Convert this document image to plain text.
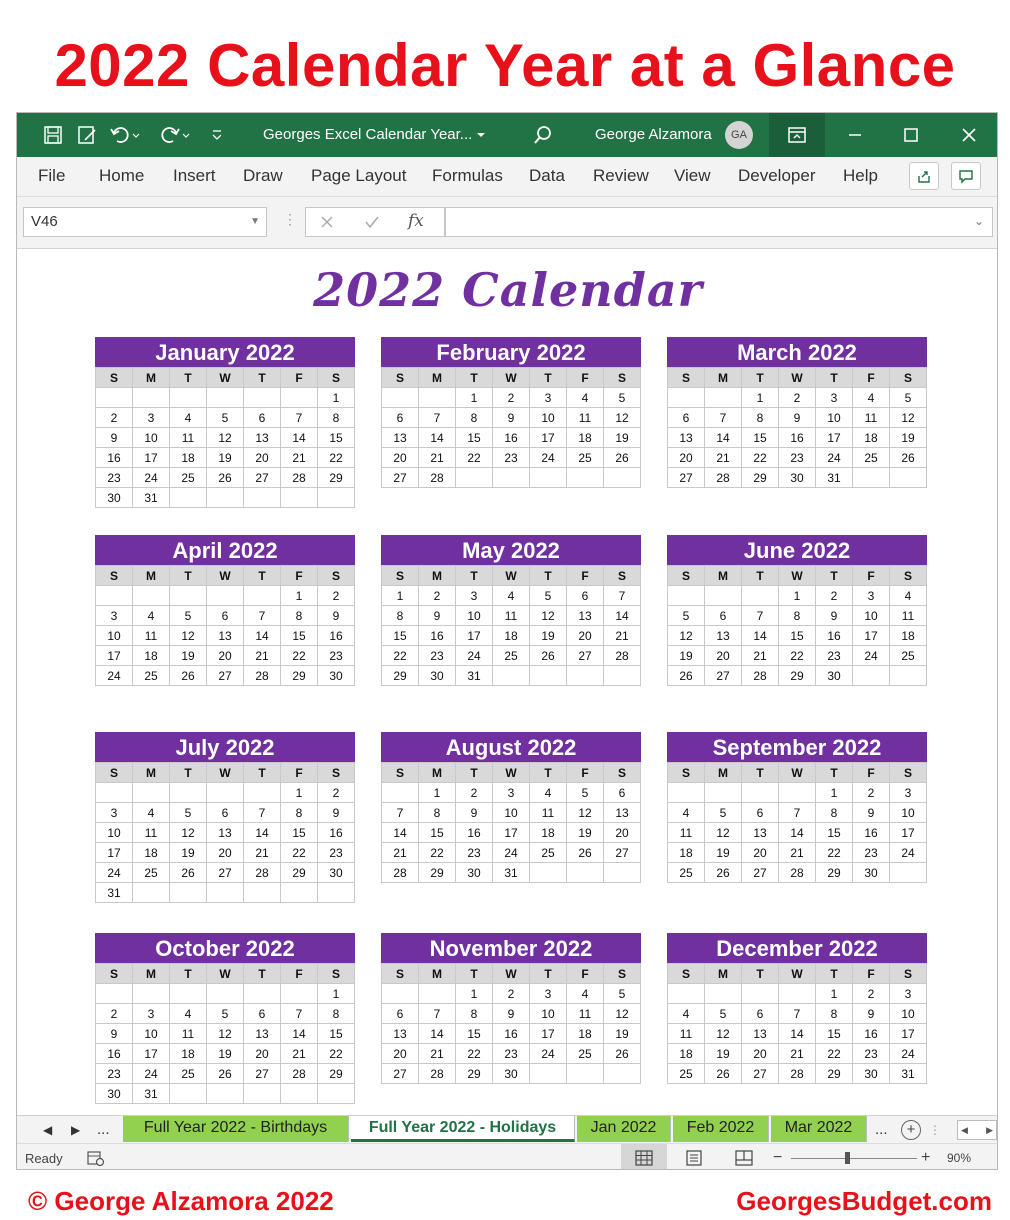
2022 Calendar Year at a Glance
Georges Excel Calendar Year...	George Alzamora	GA
File Home Insert Draw Page Layout Formulas Data Review View Developer Help
V46	▼ ⋮	fx	⌄
2022 Calendar
January 2022
S	M	T	W	T	F	S
						1
2	3	4	5	6	7	8
9	10	11	12	13	14	15
16	17	18	19	20	21	22
23	24	25	26	27	28	29
30	31					
February 2022
S	M	T	W	T	F	S
		1	2	3	4	5
6	7	8	9	10	11	12
13	14	15	16	17	18	19
20	21	22	23	24	25	26
27	28					
March 2022
S	M	T	W	T	F	S
		1	2	3	4	5
6	7	8	9	10	11	12
13	14	15	16	17	18	19
20	21	22	23	24	25	26
27	28	29	30	31		
April 2022
S	M	T	W	T	F	S
					1	2
3	4	5	6	7	8	9
10	11	12	13	14	15	16
17	18	19	20	21	22	23
24	25	26	27	28	29	30
May 2022
S	M	T	W	T	F	S
1	2	3	4	5	6	7
8	9	10	11	12	13	14
15	16	17	18	19	20	21
22	23	24	25	26	27	28
29	30	31				
June 2022
S	M	T	W	T	F	S
			1	2	3	4
5	6	7	8	9	10	11
12	13	14	15	16	17	18
19	20	21	22	23	24	25
26	27	28	29	30		
July 2022
S	M	T	W	T	F	S
					1	2
3	4	5	6	7	8	9
10	11	12	13	14	15	16
17	18	19	20	21	22	23
24	25	26	27	28	29	30
31						
August 2022
S	M	T	W	T	F	S
	1	2	3	4	5	6
7	8	9	10	11	12	13
14	15	16	17	18	19	20
21	22	23	24	25	26	27
28	29	30	31			
September 2022
S	M	T	W	T	F	S
				1	2	3
4	5	6	7	8	9	10
11	12	13	14	15	16	17
18	19	20	21	22	23	24
25	26	27	28	29	30	
October 2022
S	M	T	W	T	F	S
						1
2	3	4	5	6	7	8
9	10	11	12	13	14	15
16	17	18	19	20	21	22
23	24	25	26	27	28	29
30	31					
November 2022
S	M	T	W	T	F	S
		1	2	3	4	5
6	7	8	9	10	11	12
13	14	15	16	17	18	19
20	21	22	23	24	25	26
27	28	29	30			
December 2022
S	M	T	W	T	F	S
				1	2	3
4	5	6	7	8	9	10
11	12	13	14	15	16	17
18	19	20	21	22	23	24
25	26	27	28	29	30	31
◀ ▶ ...	Full Year 2022 - Birthdays	Full Year 2022 - Holidays	Jan 2022	Feb 2022	Mar 2022	...	+	⋮ ◀ ▶
Ready	−	+ 90%
© George Alzamora 2022	GeorgesBudget.com
